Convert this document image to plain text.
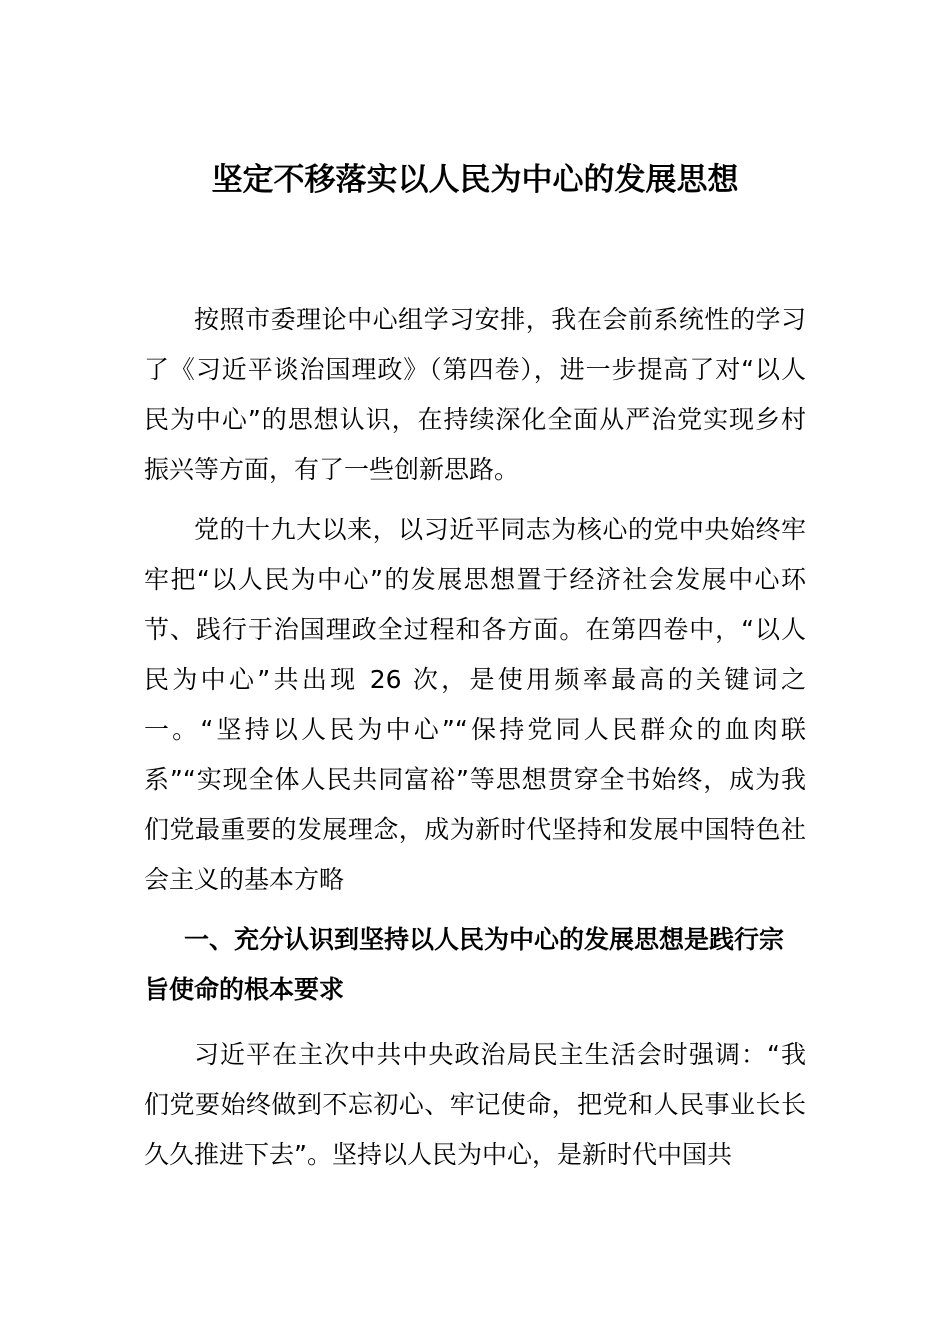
坚定不移落实以人民为中心的发展思想

按照市委理论中心组学习安排，我在会前系统性的学习了《习近平谈治国理政》（第四卷），进一步提高了对“以人民为中心”的思想认识，在持续深化全面从严治党实现乡村振兴等方面，有了一些创新思路。

党的十九大以来，以习近平同志为核心的党中央始终牢牢把“以人民为中心”的发展思想置于经济社会发展中心环节、践行于治国理政全过程和各方面。在第四卷中，“以人民为中心”共出现 26 次，是使用频率最高的关键词之一。“坚持以人民为中心”“保持党同人民群众的血肉联系”“实现全体人民共同富裕”等思想贯穿全书始终，成为我们党最重要的发展理念，成为新时代坚持和发展中国特色社会主义的基本方略

一、充分认识到坚持以人民为中心的发展思想是践行宗旨使命的根本要求

习近平在主次中共中央政治局民主生活会时强调：“我们党要始终做到不忘初心、牢记使命，把党和人民事业长长久久推进下去”。坚持以人民为中心，是新时代中国共
